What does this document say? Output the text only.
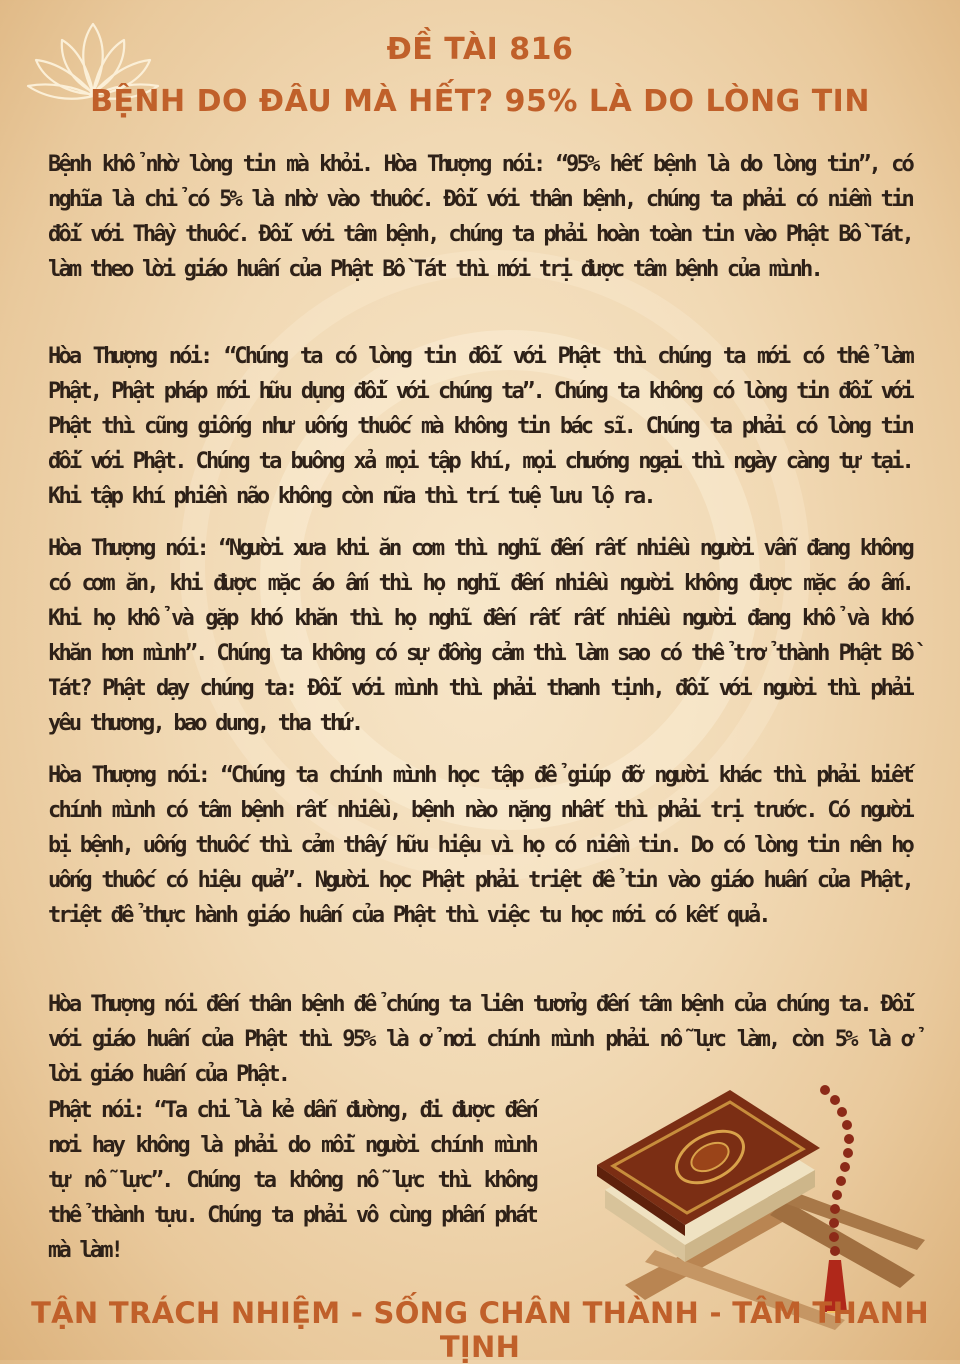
ĐỀ TÀI 816
BỆNH DO ĐÂU MÀ HẾT? 95% LÀ DO LÒNG TIN

Bệnh khổ nhờ lòng tin mà khỏi. Hòa Thượng nói: “95% hết bệnh là do lòng tin”, có nghĩa là chỉ có 5% là nhờ vào thuốc. Đối với thân bệnh, chúng ta phải có niềm tin đối với Thầy thuốc. Đối với tâm bệnh, chúng ta phải hoàn toàn tin vào Phật Bồ Tát, làm theo lời giáo huấn của Phật Bồ Tát thì mới trị được tâm bệnh của mình.

Hòa Thượng nói: “Chúng ta có lòng tin đối với Phật thì chúng ta mới có thể làm Phật, Phật pháp mới hữu dụng đối với chúng ta”. Chúng ta không có lòng tin đối với Phật thì cũng giống như uống thuốc mà không tin bác sĩ. Chúng ta phải có lòng tin đối với Phật. Chúng ta buông xả mọi tập khí, mọi chướng ngại thì ngày càng tự tại. Khi tập khí phiền não không còn nữa thì trí tuệ lưu lộ ra.

Hòa Thượng nói: “Người xưa khi ăn cơm thì nghĩ đến rất nhiều người vẫn đang không có cơm ăn, khi được mặc áo ấm thì họ nghĩ đến nhiều người không được mặc áo ấm. Khi họ khổ và gặp khó khăn thì họ nghĩ đến rất rất nhiều người đang khổ và khó khăn hơn mình”. Chúng ta không có sự đồng cảm thì làm sao có thể trở thành Phật Bồ Tát? Phật dạy chúng ta: Đối với mình thì phải thanh tịnh, đối với người thì phải yêu thương, bao dung, tha thứ.

Hòa Thượng nói: “Chúng ta chính mình học tập để giúp đỡ người khác thì phải biết chính mình có tâm bệnh rất nhiều, bệnh nào nặng nhất thì phải trị trước. Có người bị bệnh, uống thuốc thì cảm thấy hữu hiệu vì họ có niềm tin. Do có lòng tin nên họ uống thuốc có hiệu quả”. Người học Phật phải triệt để tin vào giáo huấn của Phật, triệt để thực hành giáo huấn của Phật thì việc tu học mới có kết quả.

Hòa Thượng nói đến thân bệnh để chúng ta liên tưởng đến tâm bệnh của chúng ta. Đối với giáo huấn của Phật thì 95% là ở nơi chính mình phải nỗ lực làm, còn 5% là ở lời giáo huấn của Phật.

Phật nói: “Ta chỉ là kẻ dẫn đường, đi được đến nơi hay không là phải do mỗi người chính mình tự nỗ lực”. Chúng ta không nỗ lực thì không thể thành tựu. Chúng ta phải vô cùng phấn phát mà làm!

TẬN TRÁCH NHIỆM - SỐNG CHÂN THÀNH - TÂM THANH TỊNH
